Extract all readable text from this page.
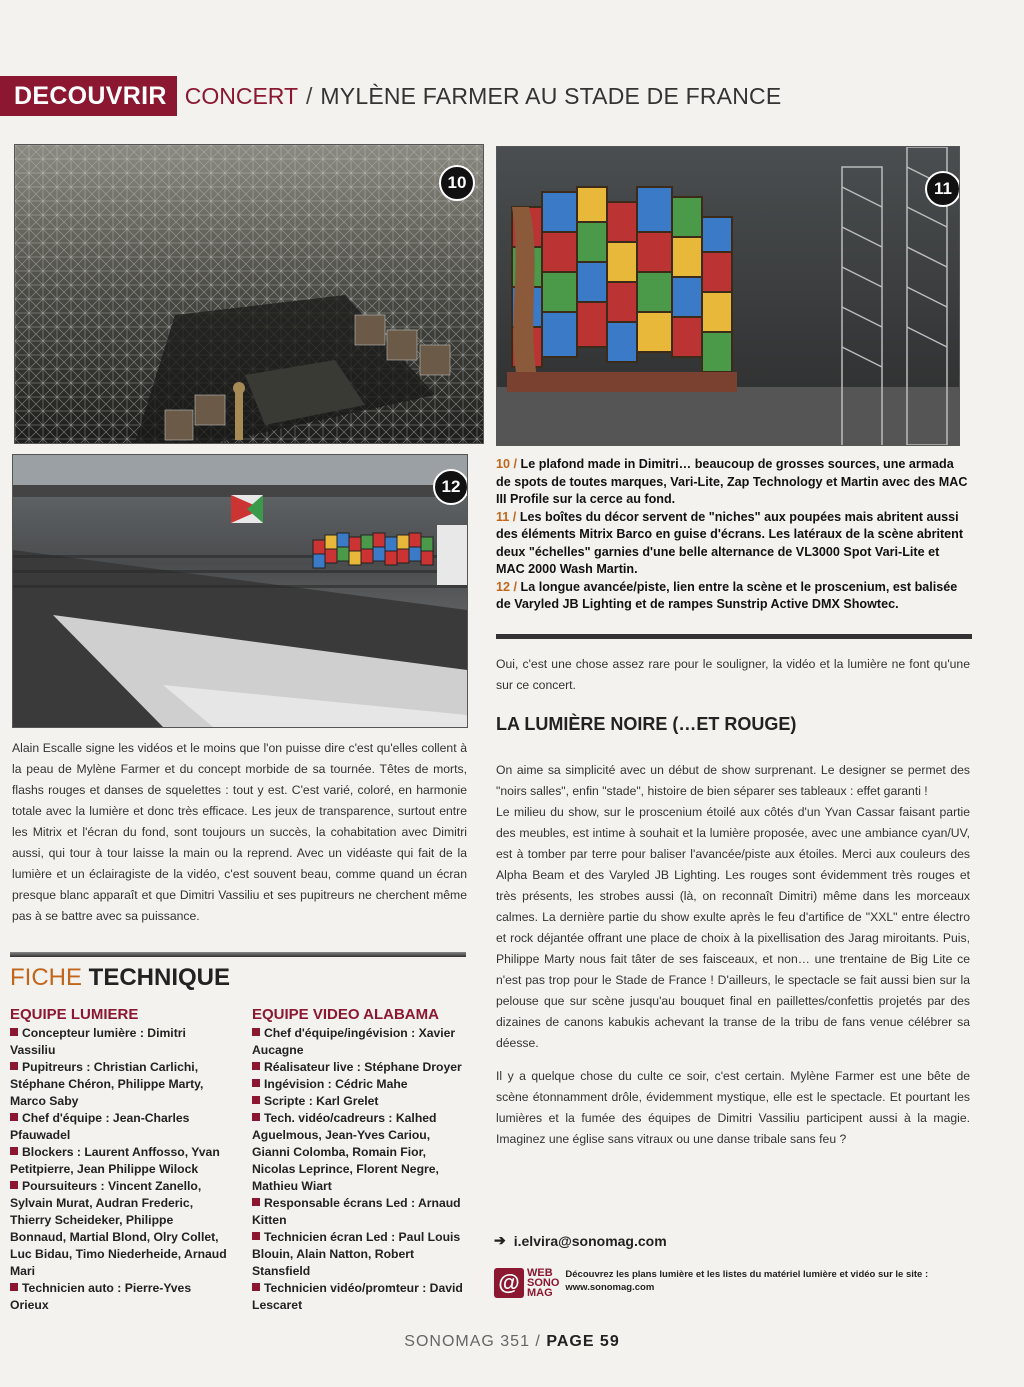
DECOUVRIR CONCERT / MYLÈNE FARMER AU STADE DE FRANCE
10	11
12

10 / Le plafond made in Dimitri… beaucoup de grosses sources, une armada de spots de toutes marques, Vari-Lite, Zap Technology et Martin avec des MAC III Profile sur la cerce au fond.

11 / Les boîtes du décor servent de "niches" aux poupées mais abritent aussi des éléments Mitrix Barco en guise d'écrans. Les latéraux de la scène abritent deux "échelles" garnies d'une belle alternance de VL3000 Spot Vari-Lite et MAC 2000 Wash Martin.

12 / La longue avancée/piste, lien entre la scène et le proscenium, est balisée de Varyled JB Lighting et de rampes Sunstrip Active DMX Showtec.

Oui, c'est une chose assez rare pour le souligner, la vidéo et la lumière ne font qu'une sur ce concert.

LA LUMIÈRE NOIRE (…ET ROUGE)

Alain Escalle signe les vidéos et le moins que l'on puisse dire c'est qu'elles collent à la peau de Mylène Farmer et du concept morbide de sa tournée. Têtes de morts, flashs rouges et danses de squelettes : tout y est. C'est varié, coloré, en harmonie totale avec la lumière et donc très efficace. Les jeux de transparence, surtout entre les Mitrix et l'écran du fond, sont toujours un succès, la cohabitation avec Dimitri aussi, qui tour à tour laisse la main ou la reprend. Avec un vidéaste qui fait de la lumière et un éclairagiste de la vidéo, c'est souvent beau, comme quand un écran presque blanc apparaît et que Dimitri Vassiliu et ses pupitreurs ne cherchent même pas à se battre avec sa puissance.

On aime sa simplicité avec un début de show surprenant. Le designer se permet des "noirs salles", enfin "stade", histoire de bien séparer ses tableaux : effet garanti !

Le milieu du show, sur le proscenium étoilé aux côtés d'un Yvan Cassar faisant partie des meubles, est intime à souhait et la lumière proposée, avec une ambiance cyan/UV, est à tomber par terre pour baliser l'avancée/piste aux étoiles. Merci aux couleurs des Alpha Beam et des Varyled JB Lighting. Les rouges sont évidemment très rouges et très présents, les strobes aussi (là, on reconnaît Dimitri) même dans les morceaux calmes. La dernière partie du show exulte après le feu d'artifice de "XXL" entre électro et rock déjantée offrant une place de choix à la pixellisation des Jarag miroitants. Puis, Philippe Marty nous fait tâter de ses faisceaux, et non… une trentaine de Big Lite ce n'est pas trop pour le Stade de France ! D'ailleurs, le spectacle se fait aussi bien sur la pelouse que sur scène jusqu'au bouquet final en paillettes/confettis projetés par des dizaines de canons kabukis achevant la transe de la tribu de fans venue célébrer sa déesse.

Il y a quelque chose du culte ce soir, c'est certain. Mylène Farmer est une bête de scène étonnamment drôle, évidemment mystique, elle est le spectacle. Et pourtant les lumières et la fumée des équipes de Dimitri Vassiliu participent aussi à la magie. Imaginez une église sans vitraux ou une danse tribale sans feu ?

FICHE TECHNIQUE
EQUIPE LUMIERE

Concepteur lumière : Dimitri Vassiliu

Pupitreurs : Christian Carlichi, Stéphane Chéron, Philippe Marty, Marco Saby

Chef d'équipe : Jean-Charles Pfauwadel

Blockers : Laurent Anffosso, Yvan Petitpierre, Jean Philippe Wilock

Poursuiteurs : Vincent Zanello, Sylvain Murat, Audran Frederic, Thierry Scheideker, Philippe Bonnaud, Martial Blond, Olry Collet, Luc Bidau, Timo Niederheide, Arnaud Mari

Technicien auto : Pierre-Yves Orieux

EQUIPE VIDEO ALABAMA

Chef d'équipe/ingévision : Xavier Aucagne

Réalisateur live : Stéphane Droyer

Ingévision : Cédric Mahe

Scripte : Karl Grelet

Tech. vidéo/cadreurs : Kalhed Aguelmous, Jean-Yves Cariou, Gianni Colomba, Romain Fior, Nicolas Leprince, Florent Negre, Mathieu Wiart

Responsable écrans Led : Arnaud Kitten

Technicien écran Led : Paul Louis Blouin, Alain Natton, Robert Stansfield

Technicien vidéo/promteur : David Lescaret

➔ i.elvira@sonomag.com
@ WEB
SONO
MAG
Découvrez les plans lumière et les listes du matériel lumière et vidéo sur le site :
www.sonomag.com
SONOMAG 351 / PAGE 59
